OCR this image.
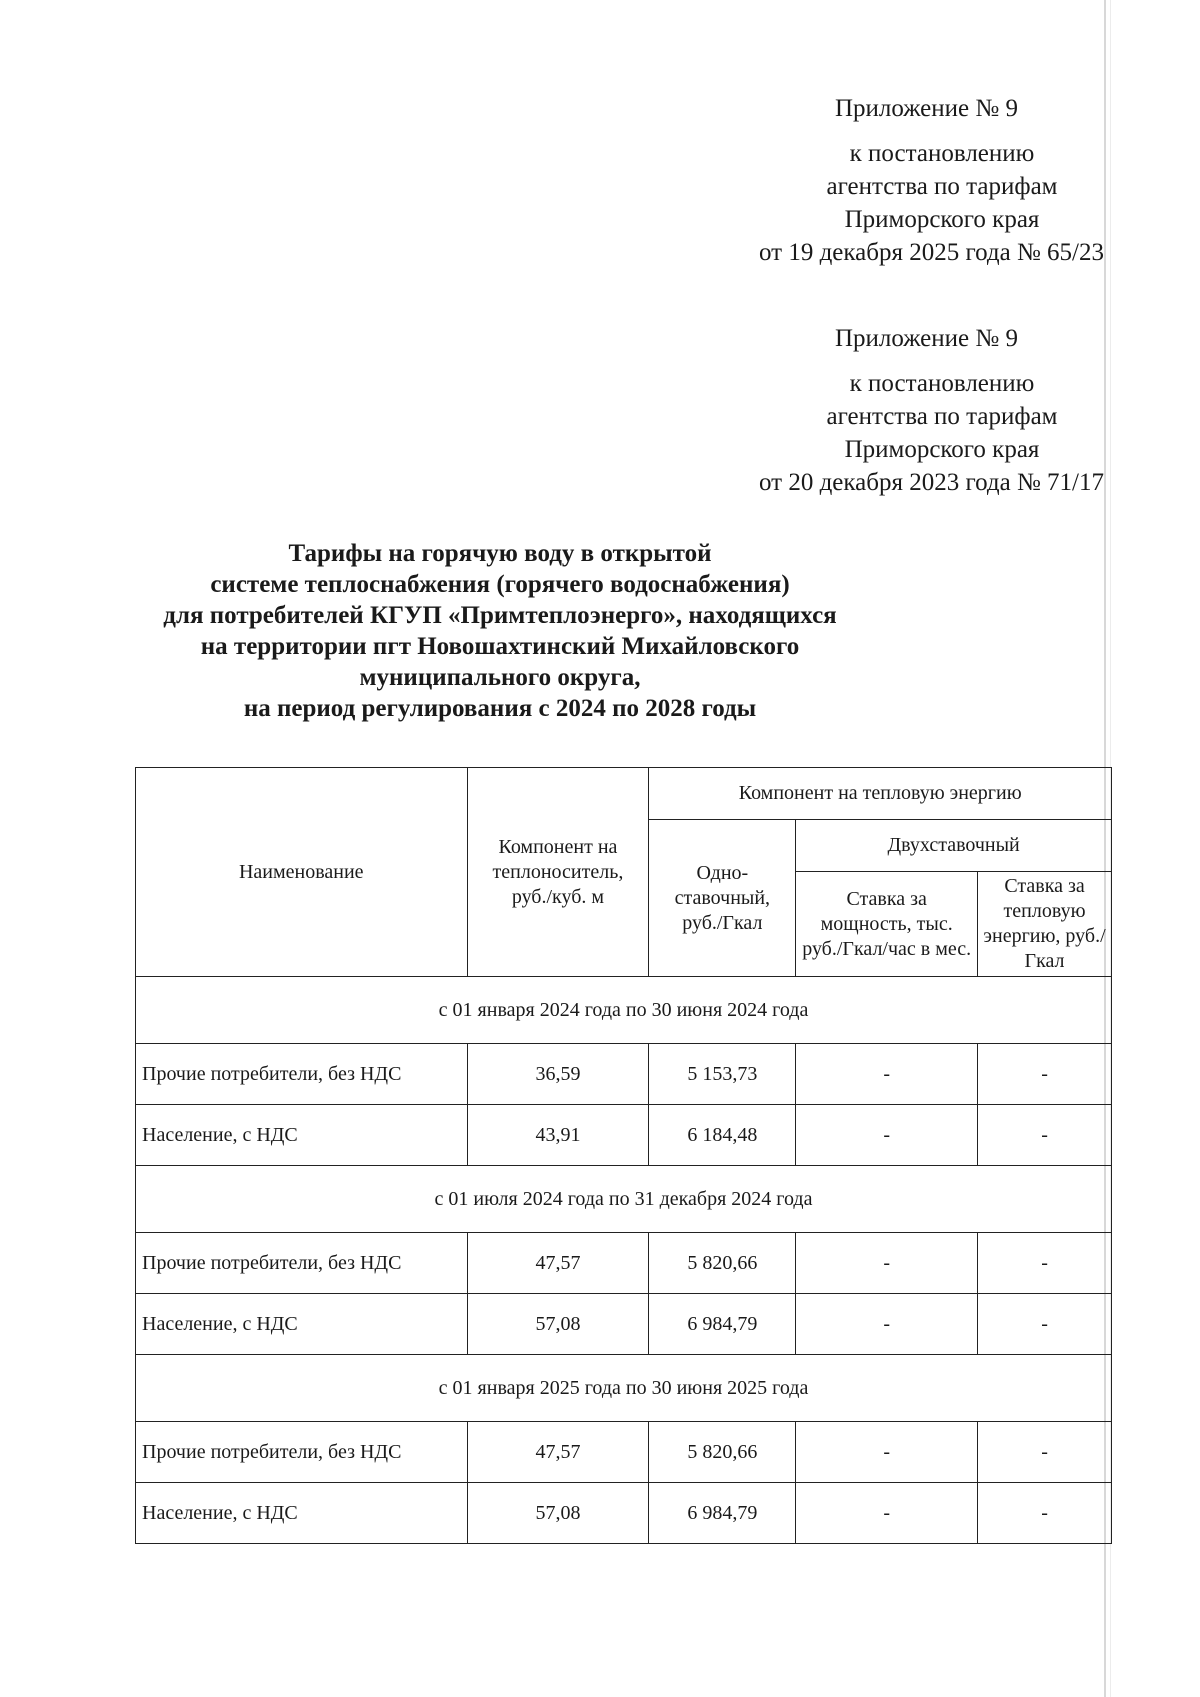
Приложение № 9
к постановлению
агентства по тарифам
Приморского края
от 19 декабря 2025 года № 65/23
Приложение № 9
к постановлению
агентства по тарифам
Приморского края
от 20 декабря 2023 года № 71/17
Тарифы на горячую воду в открытой
системе теплоснабжения (горячего водоснабжения)
для потребителей КГУП «Примтеплоэнерго», находящихся
на территории пгт Новошахтинский Михайловского
муниципального округа,
на период регулирования с 2024 по 2028 годы
Наименование	Компонент на теплоноситель, руб./куб. м	Компонент на тепловую энергию		
		Одно-ставочный, руб./Гкал	Двухставочный	
			Ставка за мощность, тыс. руб./Гкал/час в мес.	Ставка за тепловую энергию, руб./Гкал
с 01 января 2024 года по 30 июня 2024 года				
Прочие потребители, без НДС	36,59	5 153,73	-	-
Население, с НДС	43,91	6 184,48	-	-
с 01 июля 2024 года по 31 декабря 2024 года				
Прочие потребители, без НДС	47,57	5 820,66	-	-
Население, с НДС	57,08	6 984,79	-	-
с 01 января 2025 года по 30 июня 2025 года				
Прочие потребители, без НДС	47,57	5 820,66	-	-
Население, с НДС	57,08	6 984,79	-	-
